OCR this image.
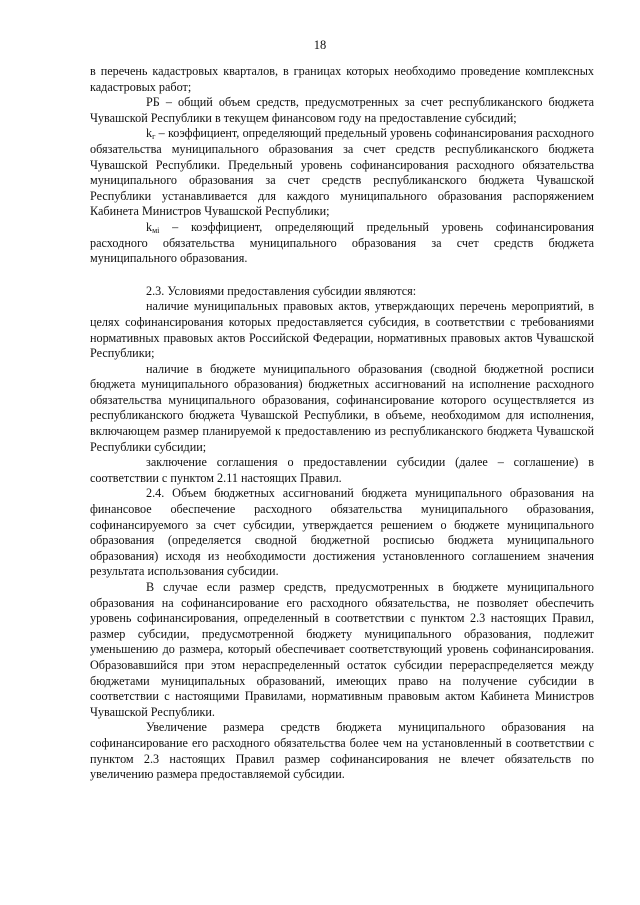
18

в перечень кадастровых кварталов, в границах которых необходимо проведение комплексных кадастровых работ;

РБ – общий объем средств, предусмотренных за счет республиканского бюджета Чувашской Республики в текущем финансовом году на предоставление субсидий;

$k_г$ – коэффициент, определяющий предельный уровень софинансирования расходного обязательства муниципального образования за счет средств республиканского бюджета Чувашской Республики. Предельный уровень софинансирования расходного обязательства муниципального образования за счет средств республиканского бюджета Чувашской Республики устанавливается для каждого муниципального образования распоряжением Кабинета Министров Чувашской Республики;

$k_{мi}$ – коэффициент, определяющий предельный уровень софинансирования расходного обязательства муниципального образования за счет средств бюджета муниципального образования.

2.3. Условиями предоставления субсидии являются:

наличие муниципальных правовых актов, утверждающих перечень мероприятий, в целях софинансирования которых предоставляется субсидия, в соответствии с требованиями нормативных правовых актов Российской Федерации, нормативных правовых актов Чувашской Республики;

наличие в бюджете муниципального образования (сводной бюджетной росписи бюджета муниципального образования) бюджетных ассигнований на исполнение расходного обязательства муниципального образования, софинансирование которого осуществляется из республиканского бюджета Чувашской Республики, в объеме, необходимом для исполнения, включающем размер планируемой к предоставлению из республиканского бюджета Чувашской Республики субсидии;

заключение соглашения о предоставлении субсидии (далее – соглашение) в соответствии с пунктом 2.11 настоящих Правил.

2.4. Объем бюджетных ассигнований бюджета муниципального образования на финансовое обеспечение расходного обязательства муниципального образования, софинансируемого за счет субсидии, утверждается решением о бюджете муниципального образования (определяется сводной бюджетной росписью бюджета муниципального образования) исходя из необходимости достижения установленного соглашением значения результата использования субсидии.

В случае если размер средств, предусмотренных в бюджете муниципального образования на софинансирование его расходного обязательства, не позволяет обеспечить уровень софинансирования, определенный в соответствии с пунктом 2.3 настоящих Правил, размер субсидии, предусмотренной бюджету муниципального образования, подлежит уменьшению до размера, который обеспечивает соответствующий уровень софинансирования. Образовавшийся при этом нераспределенный остаток субсидии перераспределяется между бюджетами муниципальных образований, имеющих право на получение субсидии в соответствии с настоящими Правилами, нормативным правовым актом Кабинета Министров Чувашской Республики.

Увеличение размера средств бюджета муниципального образования на софинансирование его расходного обязательства более чем на установленный в соответствии с пунктом 2.3 настоящих Правил размер софинансирования не влечет обязательств по увеличению размера предоставляемой субсидии.
